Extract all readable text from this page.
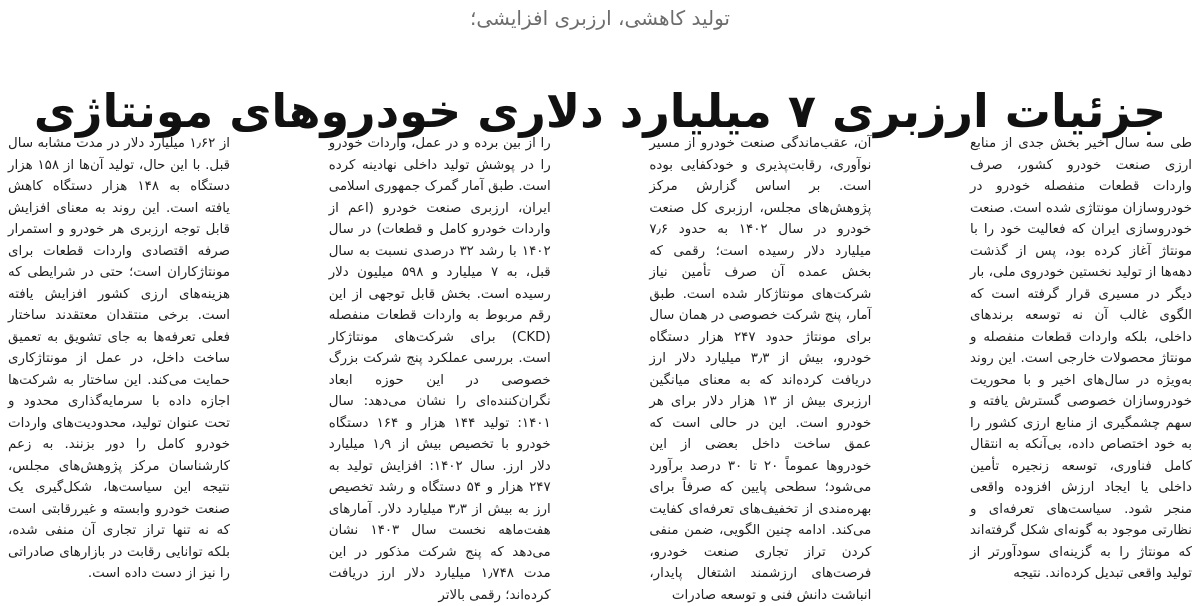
تولید کاهشی، ارزبری افزایشی؛
جزئیات ارزبری ۷ میلیارد دلاری خودروهای مونتاژی

طی سه سال اخیر بخش جدی از منابع ارزی صنعت خودرو کشور، صرف واردات قطعات منفصله خودرو در خودروسازان مونتاژی شده است. صنعت خودروسازی ایران که فعالیت خود را با مونتاژ آغاز کرده بود، پس از گذشت دهه‌ها از تولید نخستین خودروی ملی، بار دیگر در مسیری قرار گرفته است که الگوی غالب آن نه توسعه برندهای داخلی، بلکه واردات قطعات منفصله و مونتاژ محصولات خارجی است. این روند به‌ویژه در سال‌های اخیر و با محوریت خودروسازان خصوصی گسترش یافته و سهم چشمگیری از منابع ارزی کشور را به خود اختصاص داده، بی‌آنکه به انتقال کامل فناوری، توسعه زنجیره تأمین داخلی یا ایجاد ارزش افزوده واقعی منجر شود. سیاست‌های تعرفه‌ای و نظارتی موجود به گونه‌ای شکل گرفته‌اند که مونتاژ را به گزینه‌ای سودآورتر از تولید واقعی تبدیل کرده‌اند. نتیجه

آن، عقب‌ماندگی صنعت خودرو از مسیر نوآوری، رقابت‌پذیری و خودکفایی بوده است. بر اساس گزارش مرکز پژوهش‌های مجلس، ارزبری کل صنعت خودرو در سال ۱۴۰۲ به حدود ۷٫۶ میلیارد دلار رسیده است؛ رقمی که بخش عمده آن صرف تأمین نیاز شرکت‌های مونتاژکار شده است. طبق آمار، پنج شرکت خصوصی در همان سال برای مونتاژ حدود ۲۴۷ هزار دستگاه خودرو، بیش از ۳٫۳ میلیارد دلار ارز دریافت کرده‌اند که به معنای میانگین ارزبری بیش از ۱۳ هزار دلار برای هر خودرو است. این در حالی است که عمق ساخت داخل بعضی از این خودروها عموماً ۲۰ تا ۳۰ درصد برآورد می‌شود؛ سطحی پایین که صرفاً برای بهره‌مندی از تخفیف‌های تعرفه‌ای کفایت می‌کند. ادامه چنین الگویی، ضمن منفی کردن تراز تجاری صنعت خودرو، فرصت‌های ارزشمند اشتغال پایدار، انباشت دانش فنی و توسعه صادرات

را از بین برده و در عمل، واردات خودرو را در پوشش تولید داخلی نهادینه کرده است. طبق آمار گمرک جمهوری اسلامی ایران، ارزبری صنعت خودرو (اعم از واردات خودرو کامل و قطعات) در سال ۱۴۰۲ با رشد ۳۲ درصدی نسبت به سال قبل، به ۷ میلیارد و ۵۹۸ میلیون دلار رسیده است. بخش قابل توجهی از این رقم مربوط به واردات قطعات منفصله (CKD) برای شرکت‌های مونتاژکار است. بررسی عملکرد پنج شرکت بزرگ خصوصی در این حوزه ابعاد نگران‌کننده‌ای را نشان می‌دهد: سال ۱۴۰۱: تولید ۱۴۴ هزار و ۱۶۴ دستگاه خودرو با تخصیص بیش از ۱٫۹ میلیارد دلار ارز. سال ۱۴۰۲: افزایش تولید به ۲۴۷ هزار و ۵۴ دستگاه و رشد تخصیص ارز به بیش از ۳٫۳ میلیارد دلار. آمارهای هفت‌ماهه نخست سال ۱۴۰۳ نشان می‌دهد که پنج شرکت مذکور در این مدت ۱٫۷۴۸ میلیارد دلار ارز دریافت کرده‌اند؛ رقمی بالاتر

از ۱٫۶۲ میلیارد دلار در مدت مشابه سال قبل. با این حال، تولید آن‌ها از ۱۵۸ هزار دستگاه به ۱۴۸ هزار دستگاه کاهش یافته است. این روند به معنای افزایش قابل توجه ارزبری هر خودرو و استمرار صرفه اقتصادی واردات قطعات برای مونتاژکاران است؛ حتی در شرایطی که هزینه‌های ارزی کشور افزایش یافته است. برخی منتقدان معتقدند ساختار فعلی تعرفه‌ها به جای تشویق به تعمیق ساخت داخل، در عمل از مونتاژکاری حمایت می‌کند. این ساختار به شرکت‌ها اجازه داده با سرمایه‌گذاری محدود و تحت عنوان تولید، محدودیت‌های واردات خودرو کامل را دور بزنند. به زعم کارشناسان مرکز پژوهش‌های مجلس، نتیجه این سیاست‌ها، شکل‌گیری یک صنعت خودرو وابسته و غیررقابتی است که نه تنها تراز تجاری آن منفی شده، بلکه توانایی رقابت در بازارهای صادراتی را نیز از دست داده است.
